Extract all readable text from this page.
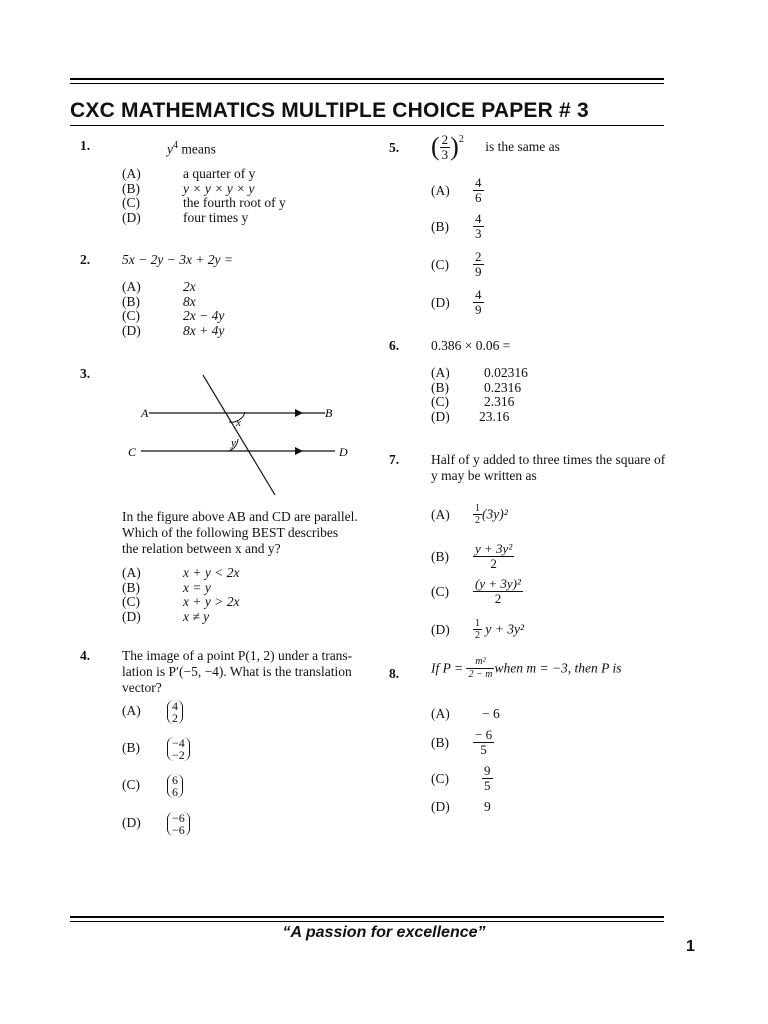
CXC MATHEMATICS MULTIPLE CHOICE PAPER # 3
1.	$y^4$ means
(A)	a quarter of y
(B)	y × y × y × y
(C)	the fourth root of y
(D)	four times y
2. 5x − 2y − 3x + 2y =
(A)	2x
(B)	8x
(C)	2x − 4y
(D)	8x + 4y
3.
A	B
C	D
x
y
In the figure above AB and CD are parallel.
Which of the following BEST describes
the relation between x and y?
(A)	x + y < 2x
(B)	x = y
(C)	x + y > 2x
(D)	x ≠ y
4. The image of a point P(1, 2) under a trans-
lation is P′(−5, −4). What is the translation
vector?
(A)	4
2
(B)	−4
−2
(C)	6
6
(D)	−6
−6
5. ( $\frac{2}{3} )^2$ is the same as
$(A) \frac{4}{6}$
$(B) \frac{4}{3}$
$(C) \frac{2}{9}$
$(D) \frac{4}{9}$
6. 0.386 × 0.06 =
(A)	0.02316
(B)	0.2316
(C)	2.316
(D) 23.16
7. Half of y added to three times the square of
y may be written as
$(A) \frac{1}{2} (3y)^2$
$(B) \frac{\text{y + 3y²}}{2}$
$(C) \frac{\text{(y + 3y)²}}{2}$
$(D) \frac{1}{2}$ y + 3y²
8. If $P = \frac{\text{m²}}{2 - m}$ when m = −3, then P is
(A) − 6
$(B) \frac{- 6}{5}$
(C)	$\frac{9}{5}$
(D)	9
“A passion for excellence”
1
